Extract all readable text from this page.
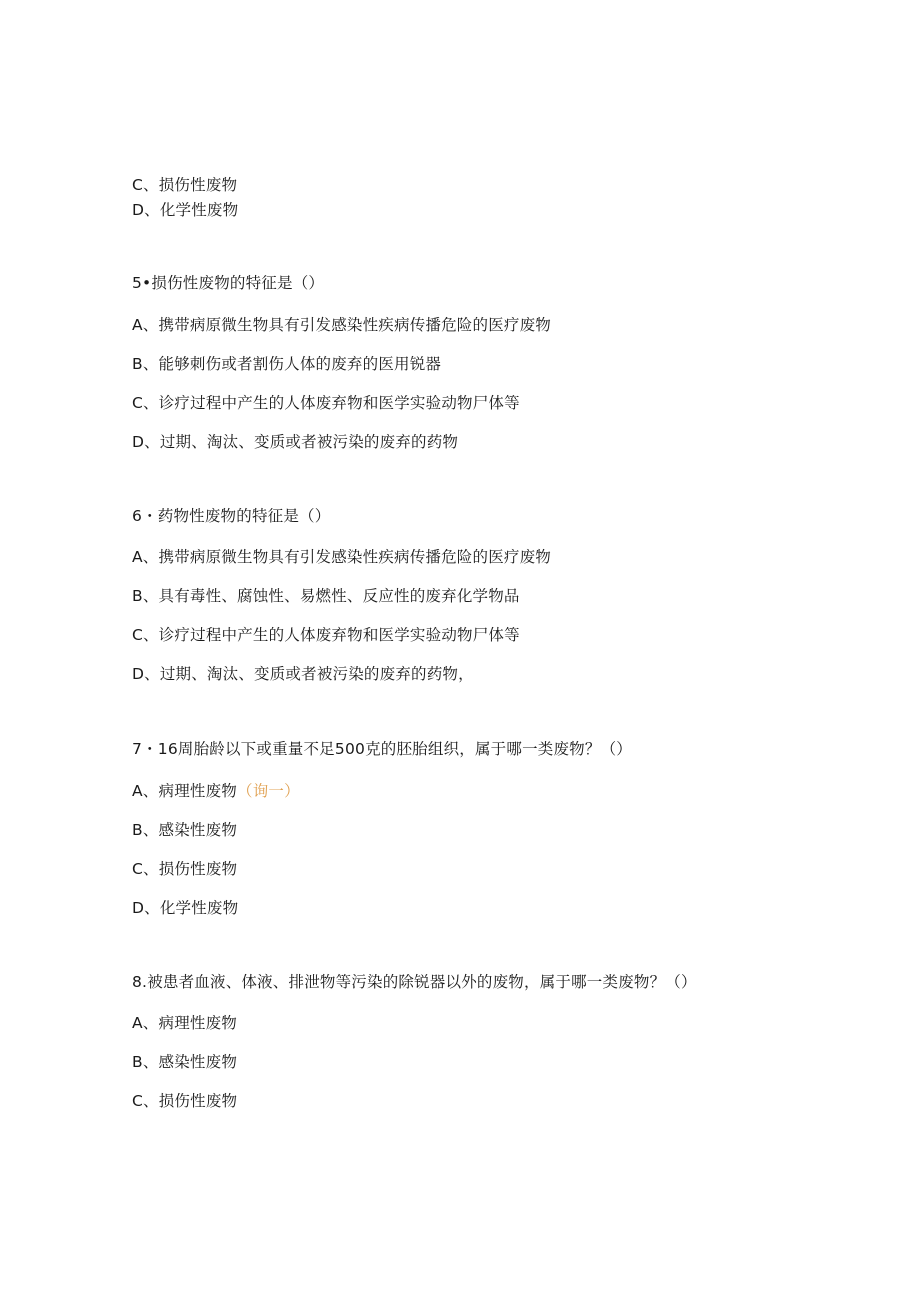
C、损伤性废物
D、化学性废物
5•损伤性废物的特征是（）
A、携带病原微生物具有引发感染性疾病传播危险的医疗废物
B、能够刺伤或者割伤人体的废弃的医用锐器
C、诊疗过程中产生的人体废弃物和医学实验动物尸体等
D、过期、淘汰、变质或者被污染的废弃的药物
6・药物性废物的特征是（）
A、携带病原微生物具有引发感染性疾病传播危险的医疗废物
B、具有毒性、腐蚀性、易燃性、反应性的废弃化学物品
C、诊疗过程中产生的人体废弃物和医学实验动物尸体等
D、过期、淘汰、变质或者被污染的废弃的药物，
7・16周胎龄以下或重量不足500克的胚胎组织，属于哪一类废物？（）
A、病理性废物（询一）
B、感染性废物
C、损伤性废物
D、化学性废物
8.被患者血液、体液、排泄物等污染的除锐器以外的废物，属于哪一类废物？（）
A、病理性废物
B、感染性废物
C、损伤性废物
